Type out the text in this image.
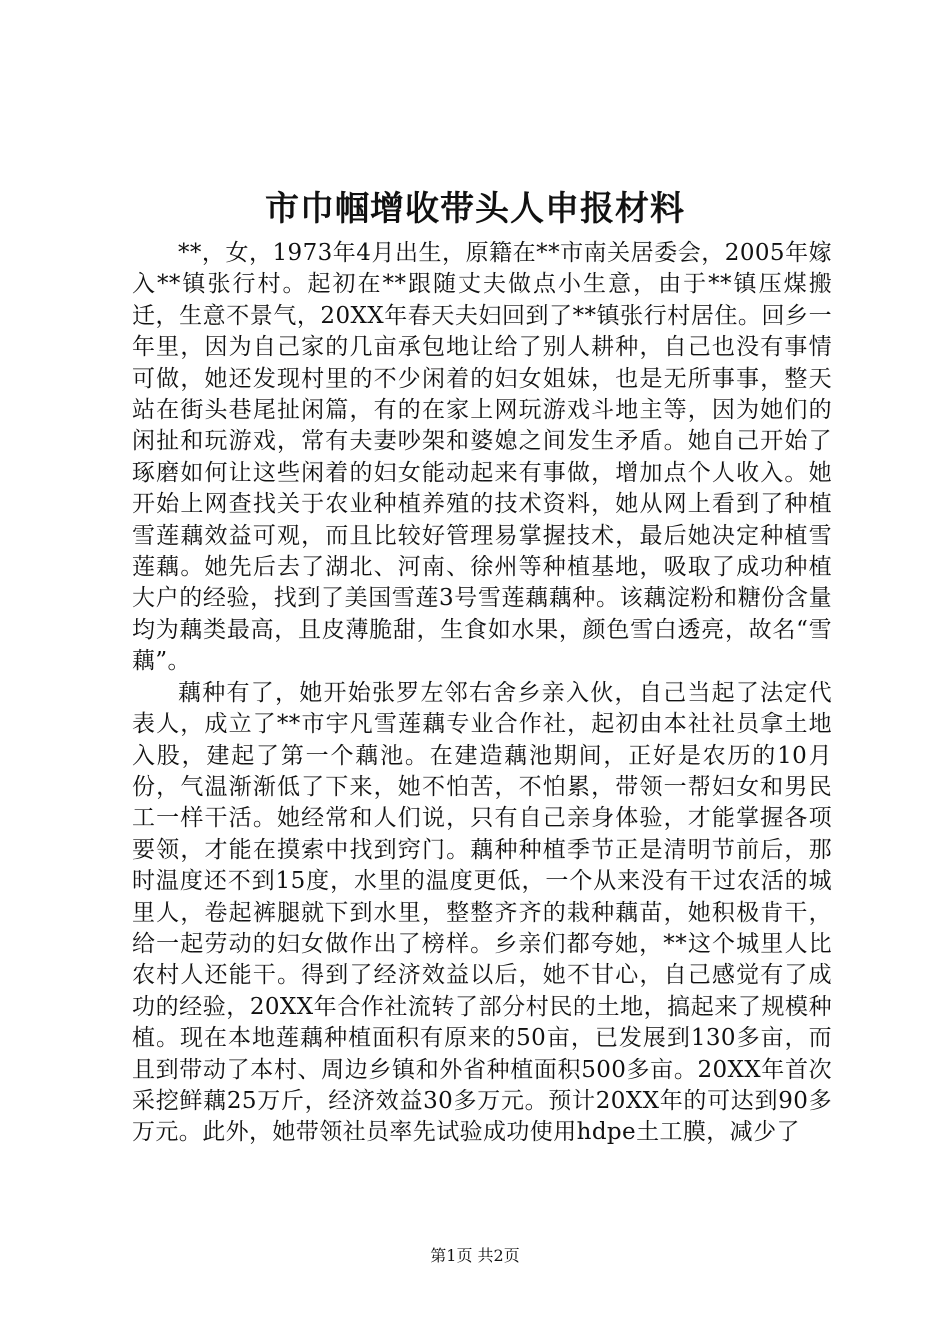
市巾帼增收带头人申报材料

**，女，1973年4月出生，原籍在**市南关居委会，2005年嫁入**镇张行村。起初在**跟随丈夫做点小生意，由于**镇压煤搬迁，生意不景气，20XX年春天夫妇回到了**镇张行村居住。回乡一年里，因为自己家的几亩承包地让给了别人耕种，自己也没有事情可做，她还发现村里的不少闲着的妇女姐妹，也是无所事事，整天站在街头巷尾扯闲篇，有的在家上网玩游戏斗地主等，因为她们的闲扯和玩游戏，常有夫妻吵架和婆媳之间发生矛盾。她自己开始了琢磨如何让这些闲着的妇女能动起来有事做，增加点个人收入。她开始上网查找关于农业种植养殖的技术资料，她从网上看到了种植雪莲藕效益可观，而且比较好管理易掌握技术，最后她决定种植雪莲藕。她先后去了湖北、河南、徐州等种植基地，吸取了成功种植大户的经验，找到了美国雪莲3号雪莲藕藕种。该藕淀粉和糖份含量均为藕类最高，且皮薄脆甜，生食如水果，颜色雪白透亮，故名“雪藕”。

藕种有了，她开始张罗左邻右舍乡亲入伙，自己当起了法定代表人，成立了**市宇凡雪莲藕专业合作社，起初由本社社员拿土地入股，建起了第一个藕池。在建造藕池期间，正好是农历的10月份，气温渐渐低了下来，她不怕苦，不怕累，带领一帮妇女和男民工一样干活。她经常和人们说，只有自己亲身体验，才能掌握各项要领，才能在摸索中找到窍门。藕种种植季节正是清明节前后，那时温度还不到15度，水里的温度更低，一个从来没有干过农活的城里人，卷起裤腿就下到水里，整整齐齐的栽种藕苗，她积极肯干，给一起劳动的妇女做作出了榜样。乡亲们都夸她，**这个城里人比农村人还能干。得到了经济效益以后，她不甘心，自己感觉有了成功的经验，20XX年合作社流转了部分村民的土地，搞起来了规模种植。现在本地莲藕种植面积有原来的50亩，已发展到130多亩，而且到带动了本村、周边乡镇和外省种植面积500多亩。20XX年首次采挖鲜藕25万斤，经济效益30多万元。预计20XX年的可达到90多万元。此外，她带领社员率先试验成功使用hdpe土工膜，减少了

第1页 共2页
